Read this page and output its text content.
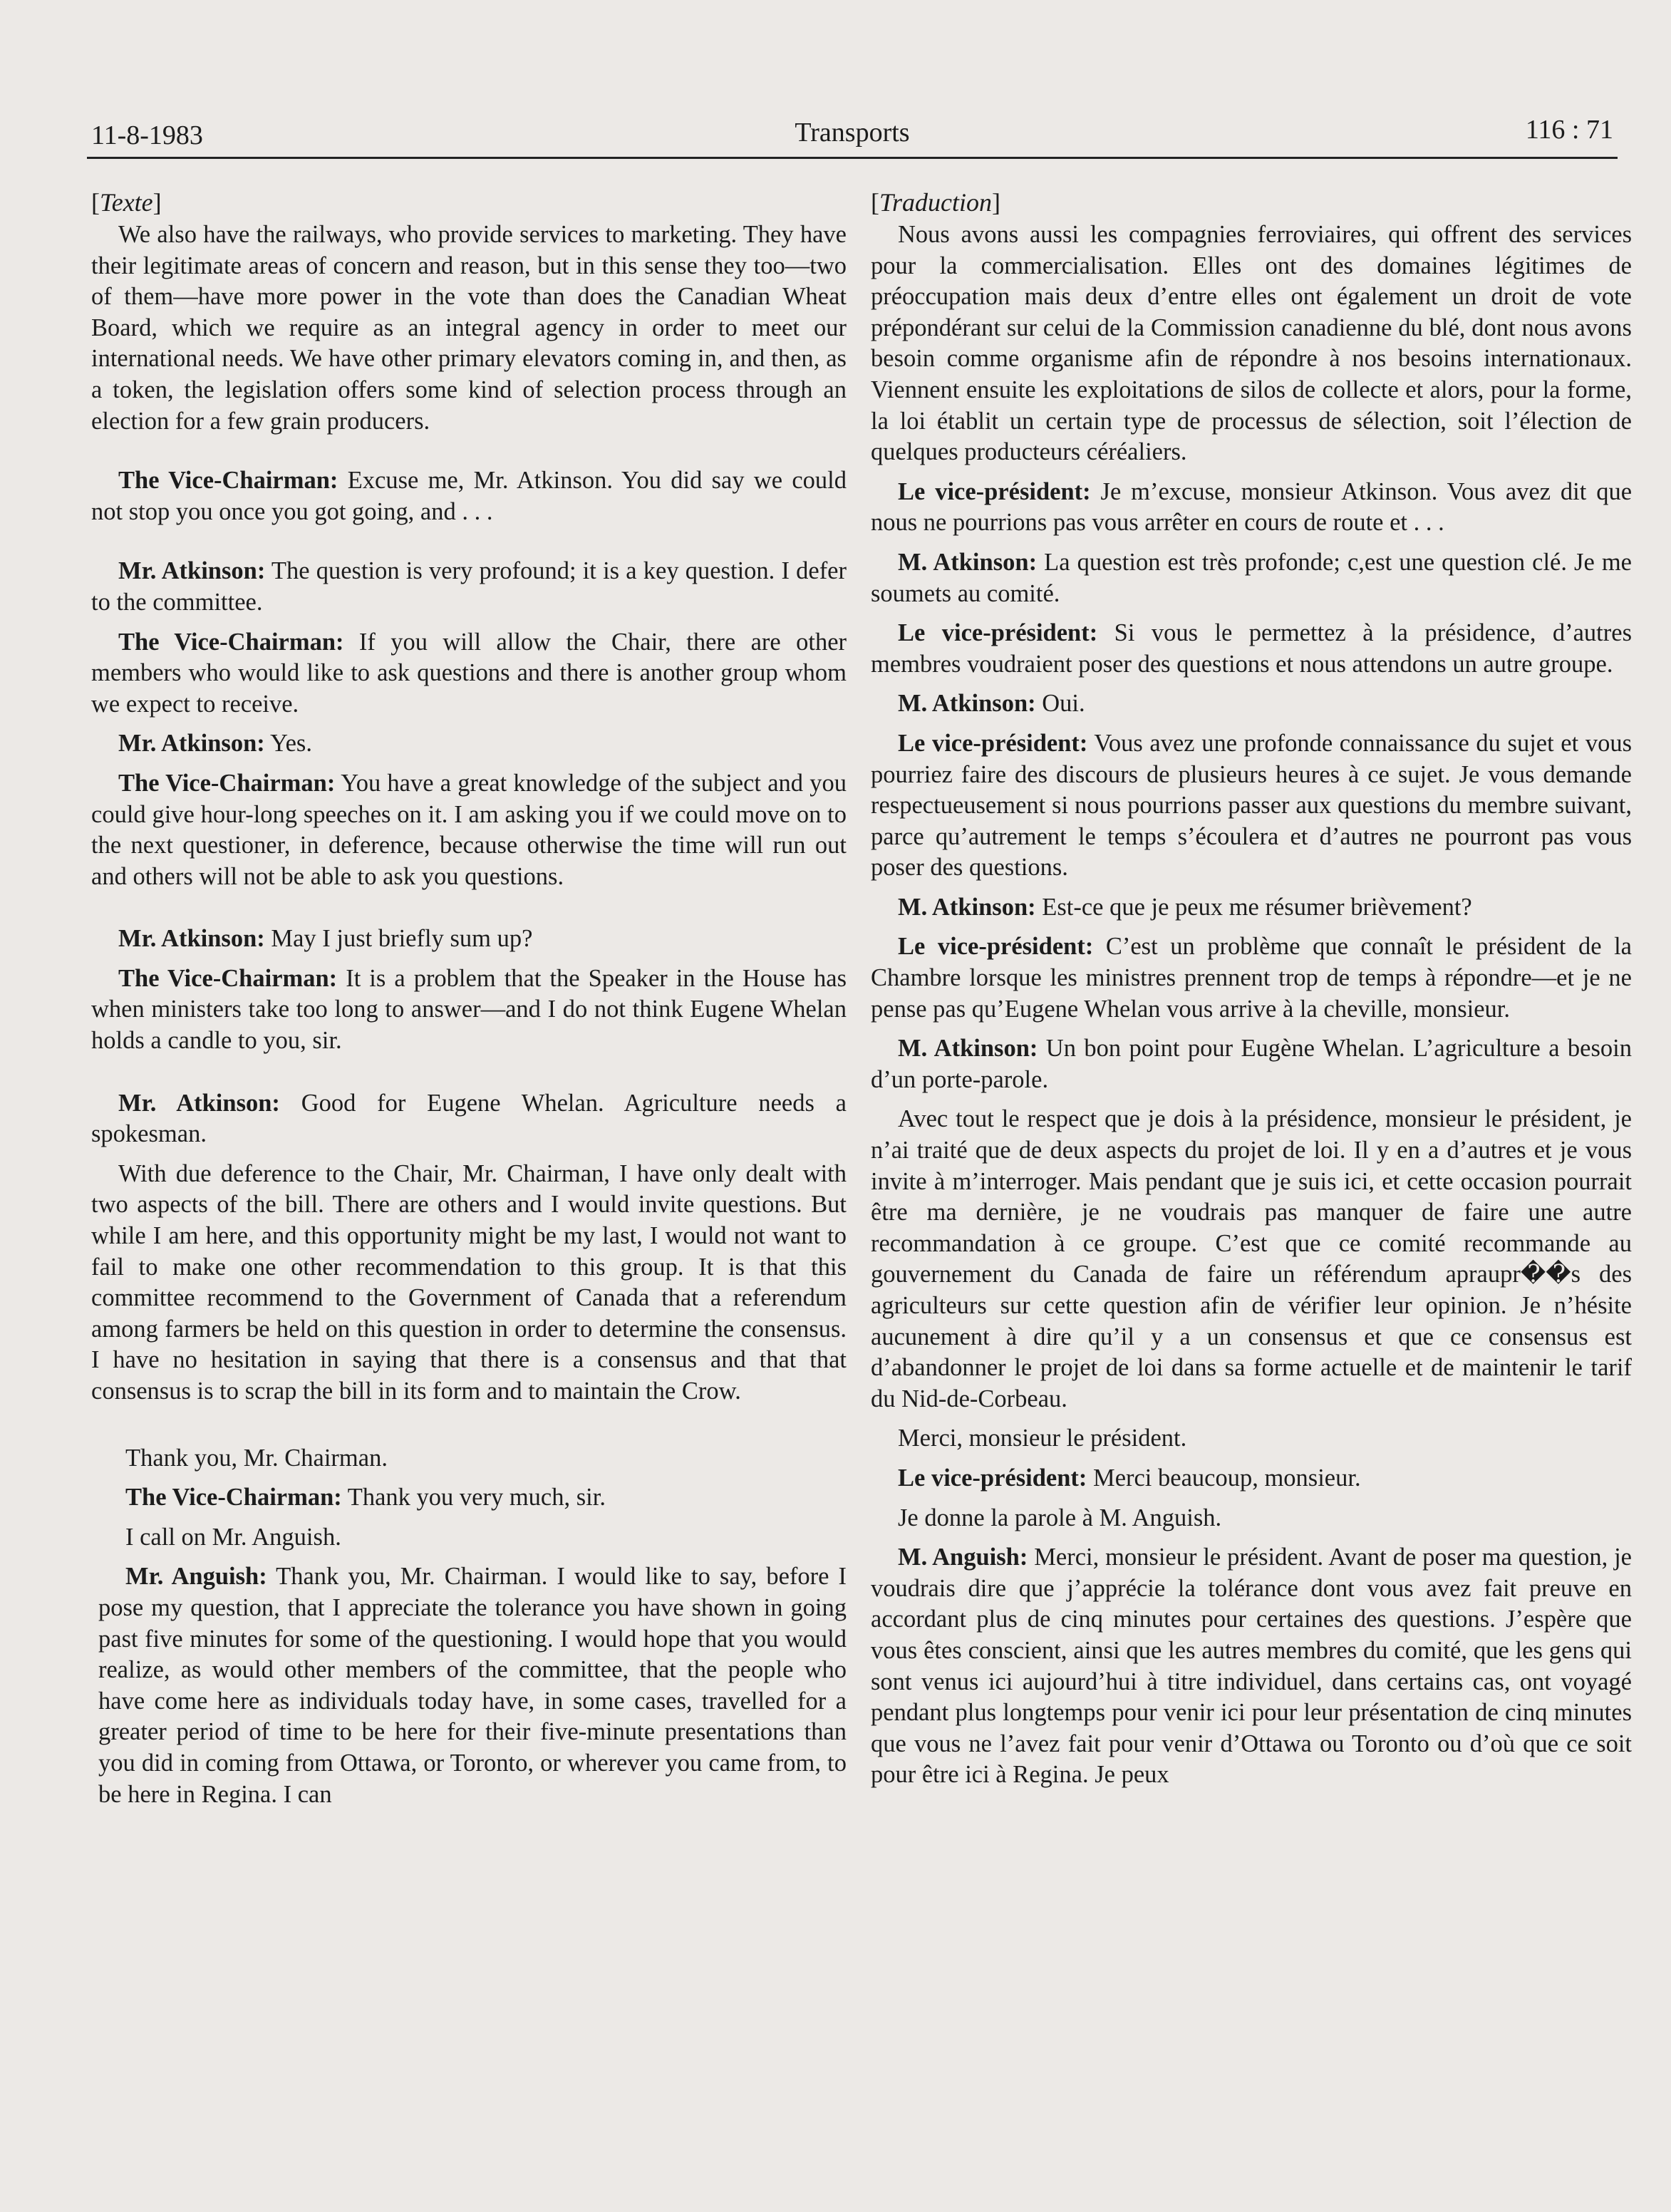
11-8-1983	Transports	116 : 71
[Texte]

We also have the railways, who provide services to marketing. They have their legitimate areas of concern and reason, but in this sense they too—two of them—have more power in the vote than does the Canadian Wheat Board, which we require as an integral agency in order to meet our international needs. We have other primary elevators coming in, and then, as a token, the legislation offers some kind of selection process through an election for a few grain producers.

The Vice-Chairman: Excuse me, Mr. Atkinson. You did say we could not stop you once you got going, and . . .

Mr. Atkinson: The question is very profound; it is a key question. I defer to the committee.

The Vice-Chairman: If you will allow the Chair, there are other members who would like to ask questions and there is another group whom we expect to receive.

Mr. Atkinson: Yes.

The Vice-Chairman: You have a great knowledge of the subject and you could give hour-long speeches on it. I am asking you if we could move on to the next questioner, in deference, because otherwise the time will run out and others will not be able to ask you questions.

Mr. Atkinson: May I just briefly sum up?

The Vice-Chairman: It is a problem that the Speaker in the House has when ministers take too long to answer—and I do not think Eugene Whelan holds a candle to you, sir.

Mr. Atkinson: Good for Eugene Whelan. Agriculture needs a spokesman.

With due deference to the Chair, Mr. Chairman, I have only dealt with two aspects of the bill. There are others and I would invite questions. But while I am here, and this opportunity might be my last, I would not want to fail to make one other recommendation to this group. It is that this committee recommend to the Government of Canada that a referendum among farmers be held on this question in order to determine the consensus. I have no hesitation in saying that there is a consensus and that that consensus is to scrap the bill in its form and to maintain the Crow.

Thank you, Mr. Chairman.

The Vice-Chairman: Thank you very much, sir.

I call on Mr. Anguish.

Mr. Anguish: Thank you, Mr. Chairman. I would like to say, before I pose my question, that I appreciate the tolerance you have shown in going past five minutes for some of the questioning. I would hope that you would realize, as would other members of the committee, that the people who have come here as individuals today have, in some cases, travelled for a greater period of time to be here for their five-minute presentations than you did in coming from Ottawa, or Toronto, or wherever you came from, to be here in Regina. I can

[Traduction]

Nous avons aussi les compagnies ferroviaires, qui offrent des services pour la commercialisation. Elles ont des domaines légitimes de préoccupation mais deux d’entre elles ont également un droit de vote prépondérant sur celui de la Commission canadienne du blé, dont nous avons besoin comme organisme afin de répondre à nos besoins internationaux. Viennent ensuite les exploitations de silos de collecte et alors, pour la forme, la loi établit un certain type de processus de sélection, soit l’élection de quelques producteurs céréaliers.

Le vice-président: Je m’excuse, monsieur Atkinson. Vous avez dit que nous ne pourrions pas vous arrêter en cours de route et . . .

M. Atkinson: La question est très profonde; c,est une question clé. Je me soumets au comité.

Le vice-président: Si vous le permettez à la présidence, d’autres membres voudraient poser des questions et nous attendons un autre groupe.

M. Atkinson: Oui.

Le vice-président: Vous avez une profonde connaissance du sujet et vous pourriez faire des discours de plusieurs heures à ce sujet. Je vous demande respectueusement si nous pourrions passer aux questions du membre suivant, parce qu’autrement le temps s’écoulera et d’autres ne pourront pas vous poser des questions.

M. Atkinson: Est-ce que je peux me résumer brièvement?

Le vice-président: C’est un problème que connaît le président de la Chambre lorsque les ministres prennent trop de temps à répondre—et je ne pense pas qu’Eugene Whelan vous arrive à la cheville, monsieur.

M. Atkinson: Un bon point pour Eugène Whelan. L’agriculture a besoin d’un porte-parole.

Avec tout le respect que je dois à la présidence, monsieur le président, je n’ai traité que de deux aspects du projet de loi. Il y en a d’autres et je vous invite à m’interroger. Mais pendant que je suis ici, et cette occasion pourrait être ma dernière, je ne voudrais pas manquer de faire une autre recommandation à ce groupe. C’est que ce comité recommande au gouvernement du Canada de faire un référendum apraupr��s des agriculteurs sur cette question afin de vérifier leur opinion. Je n’hésite aucunement à dire qu’il y a un consensus et que ce consensus est d’abandonner le projet de loi dans sa forme actuelle et de maintenir le tarif du Nid-de-Corbeau.

Merci, monsieur le président.

Le vice-président: Merci beaucoup, monsieur.

Je donne la parole à M. Anguish.

M. Anguish: Merci, monsieur le président. Avant de poser ma question, je voudrais dire que j’apprécie la tolérance dont vous avez fait preuve en accordant plus de cinq minutes pour certaines des questions. J’espère que vous êtes conscient, ainsi que les autres membres du comité, que les gens qui sont venus ici aujourd’hui à titre individuel, dans certains cas, ont voyagé pendant plus longtemps pour venir ici pour leur présentation de cinq minutes que vous ne l’avez fait pour venir d’Ottawa ou Toronto ou d’où que ce soit pour être ici à Regina. Je peux
